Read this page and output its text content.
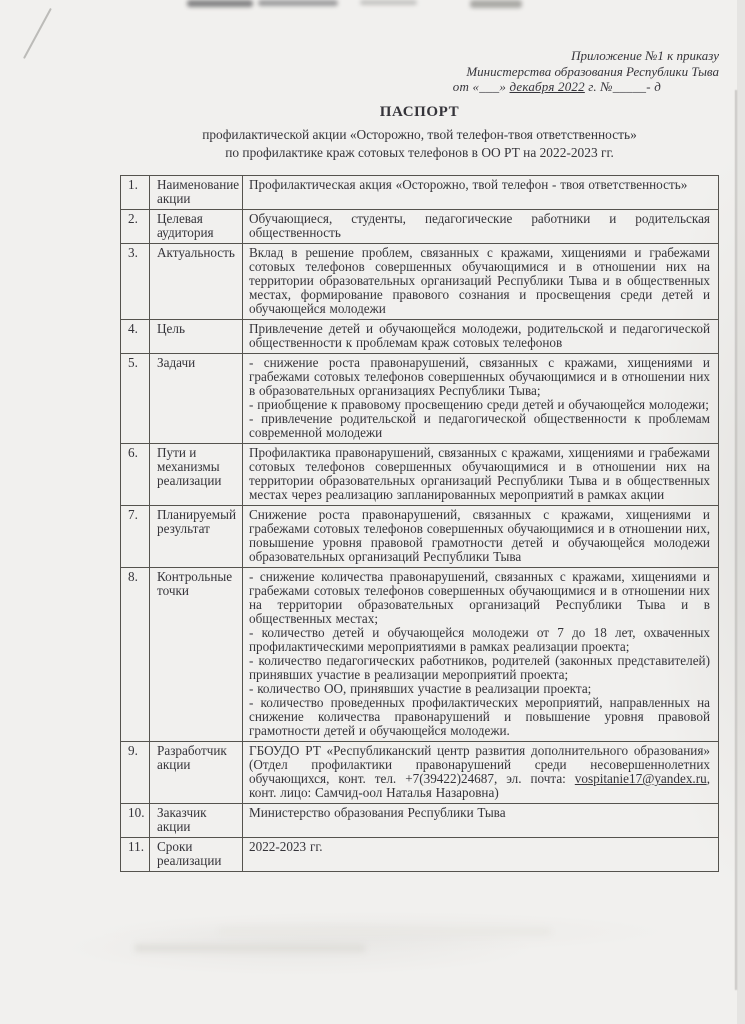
Приложение №1 к приказу
Министерства образования Республики Тыва
от «___» декабря 2022 г. №_____- д
ПАСПОРТ
профилактической акции «Осторожно, твой телефон-твоя ответственность»
по профилактике краж сотовых телефонов в ОО РТ на 2022-2023 гг.
1.	Наименование акции	Профилактическая акция «Осторожно, твой телефон - твоя ответственность»

2.	Целевая аудитория	Обучающиеся, студенты, педагогические работники и родительская общественность

3.	Актуальность	Вклад в решение проблем, связанных с кражами, хищениями и грабежами сотовых телефонов совершенных обучающимися и в отношении них на территории образовательных организаций Республики Тыва и в общественных местах, формирование правового сознания и просвещения среди детей и обучающейся молодежи

4.	Цель	Привлечение детей и обучающейся молодежи, родительской и педагогической общественности к проблемам краж сотовых телефонов

5.	Задачи	- снижение роста правонарушений, связанных с кражами, хищениями и грабежами сотовых телефонов совершенных обучающимися и в отношении них в образовательных организациях Республики Тыва;
- приобщение к правовому просвещению среди детей и обучающейся молодежи;
- привлечение родительской и педагогической общественности к проблемам современной молодежи

6.	Пути и механизмы реализации	Профилактика правонарушений, связанных с кражами, хищениями и грабежами сотовых телефонов совершенных обучающимися и в отношении них на территории образовательных организаций Республики Тыва и в общественных местах через реализацию запланированных мероприятий в рамках акции

7.	Планируемый результат	Снижение роста правонарушений, связанных с кражами, хищениями и грабежами сотовых телефонов совершенных обучающимися и в отношении них, повышение уровня правовой грамотности детей и обучающейся молодежи образовательных организаций Республики Тыва

8.	Контрольные точки	- снижение количества правонарушений, связанных с кражами, хищениями и грабежами сотовых телефонов совершенных обучающимися и в отношении них на территории образовательных организаций Республики Тыва и в общественных местах;
- количество детей и обучающейся молодежи от 7 до 18 лет, охваченных профилактическими мероприятиями в рамках реализации проекта;
- количество педагогических работников, родителей (законных представителей) принявших участие в реализации мероприятий проекта;
- количество ОО, принявших участие в реализации проекта;
- количество проведенных профилактических мероприятий, направленных на снижение количества правонарушений и повышение уровня правовой грамотности детей и обучающейся молодежи.

9.	Разработчик акции	ГБОУДО РТ «Республиканский центр развития дополнительного образования» (Отдел профилактики правонарушений среди несовершеннолетних обучающихся, конт. тел. +7(39422)24687, эл. почта: vospitanie17@yandex.ru, конт. лицо: Самчид-оол Наталья Назаровна)

10.	Заказчик акции	Министерство образования Республики Тыва

11.	Сроки реализации	2022-2023 гг.
